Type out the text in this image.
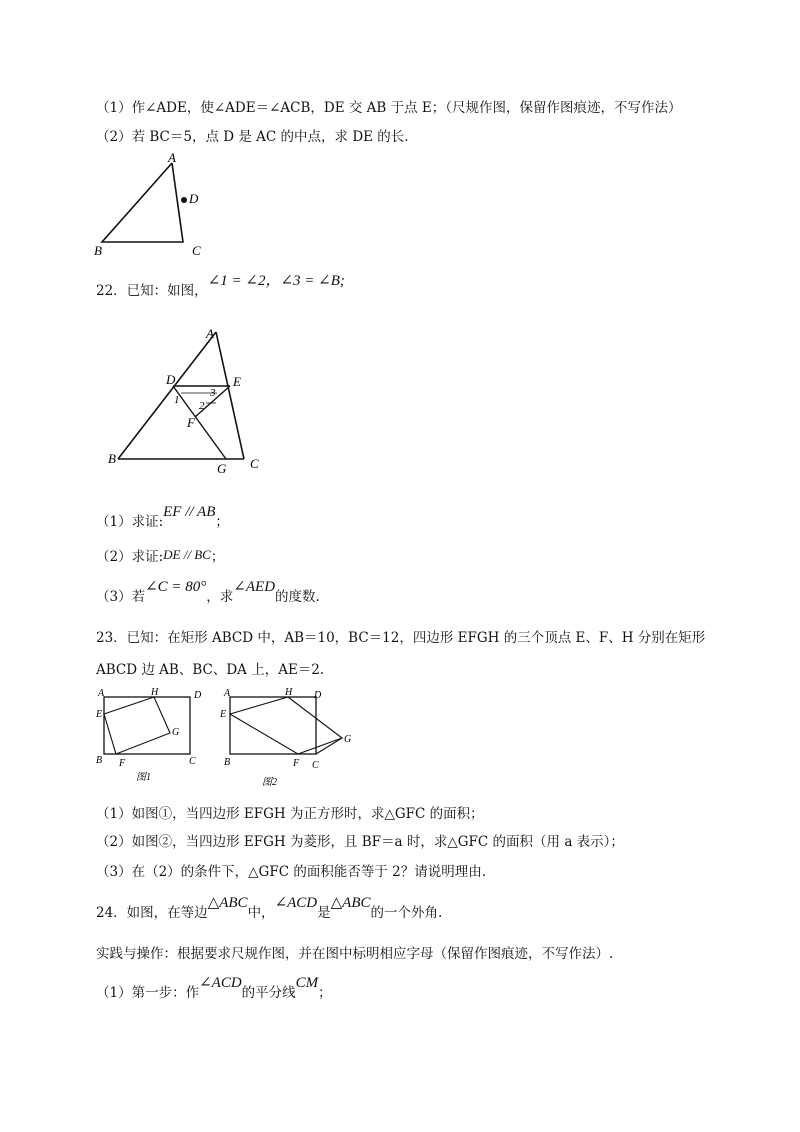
（1）作∠ADE，使∠ADE＝∠ACB，DE 交 AB 于点 E；（尺规作图，保留作图痕迹，不写作法）
（2）若 BC＝5，点 D 是 AC 的中点，求 DE 的长.
A
D
B	C
22．已知：如图，∠1 = ∠2，∠3 = ∠B;
A
D	E
F
B
G C
1 2
3
（1）求证:EF // AB；
（2）求证:DE // BC；
（3）若∠C = 80°，求∠AED的度数.
23．已知：在矩形 ABCD 中，AB＝10，BC＝12，四边形 EFGH 的三个顶点 E、F、H 分别在矩形
ABCD 边 AB、BC、DA 上，AE＝2.
A	H	D
E
G
B F	C
图1
A	H D
E
G
B	F C
图2
（1）如图①，当四边形 EFGH 为正方形时，求△GFC 的面积；
（2）如图②，当四边形 EFGH 为菱形，且 BF＝a 时，求△GFC 的面积（用 a 表示）；
（3）在（2）的条件下，△GFC 的面积能否等于 2？请说明理由.
24．如图，在等边△ABC中，∠ACD是△ABC的一个外角.
实践与操作：根据要求尺规作图，并在图中标明相应字母（保留作图痕迹，不写作法）.
（1）第一步：作∠ACD的平分线CM；
